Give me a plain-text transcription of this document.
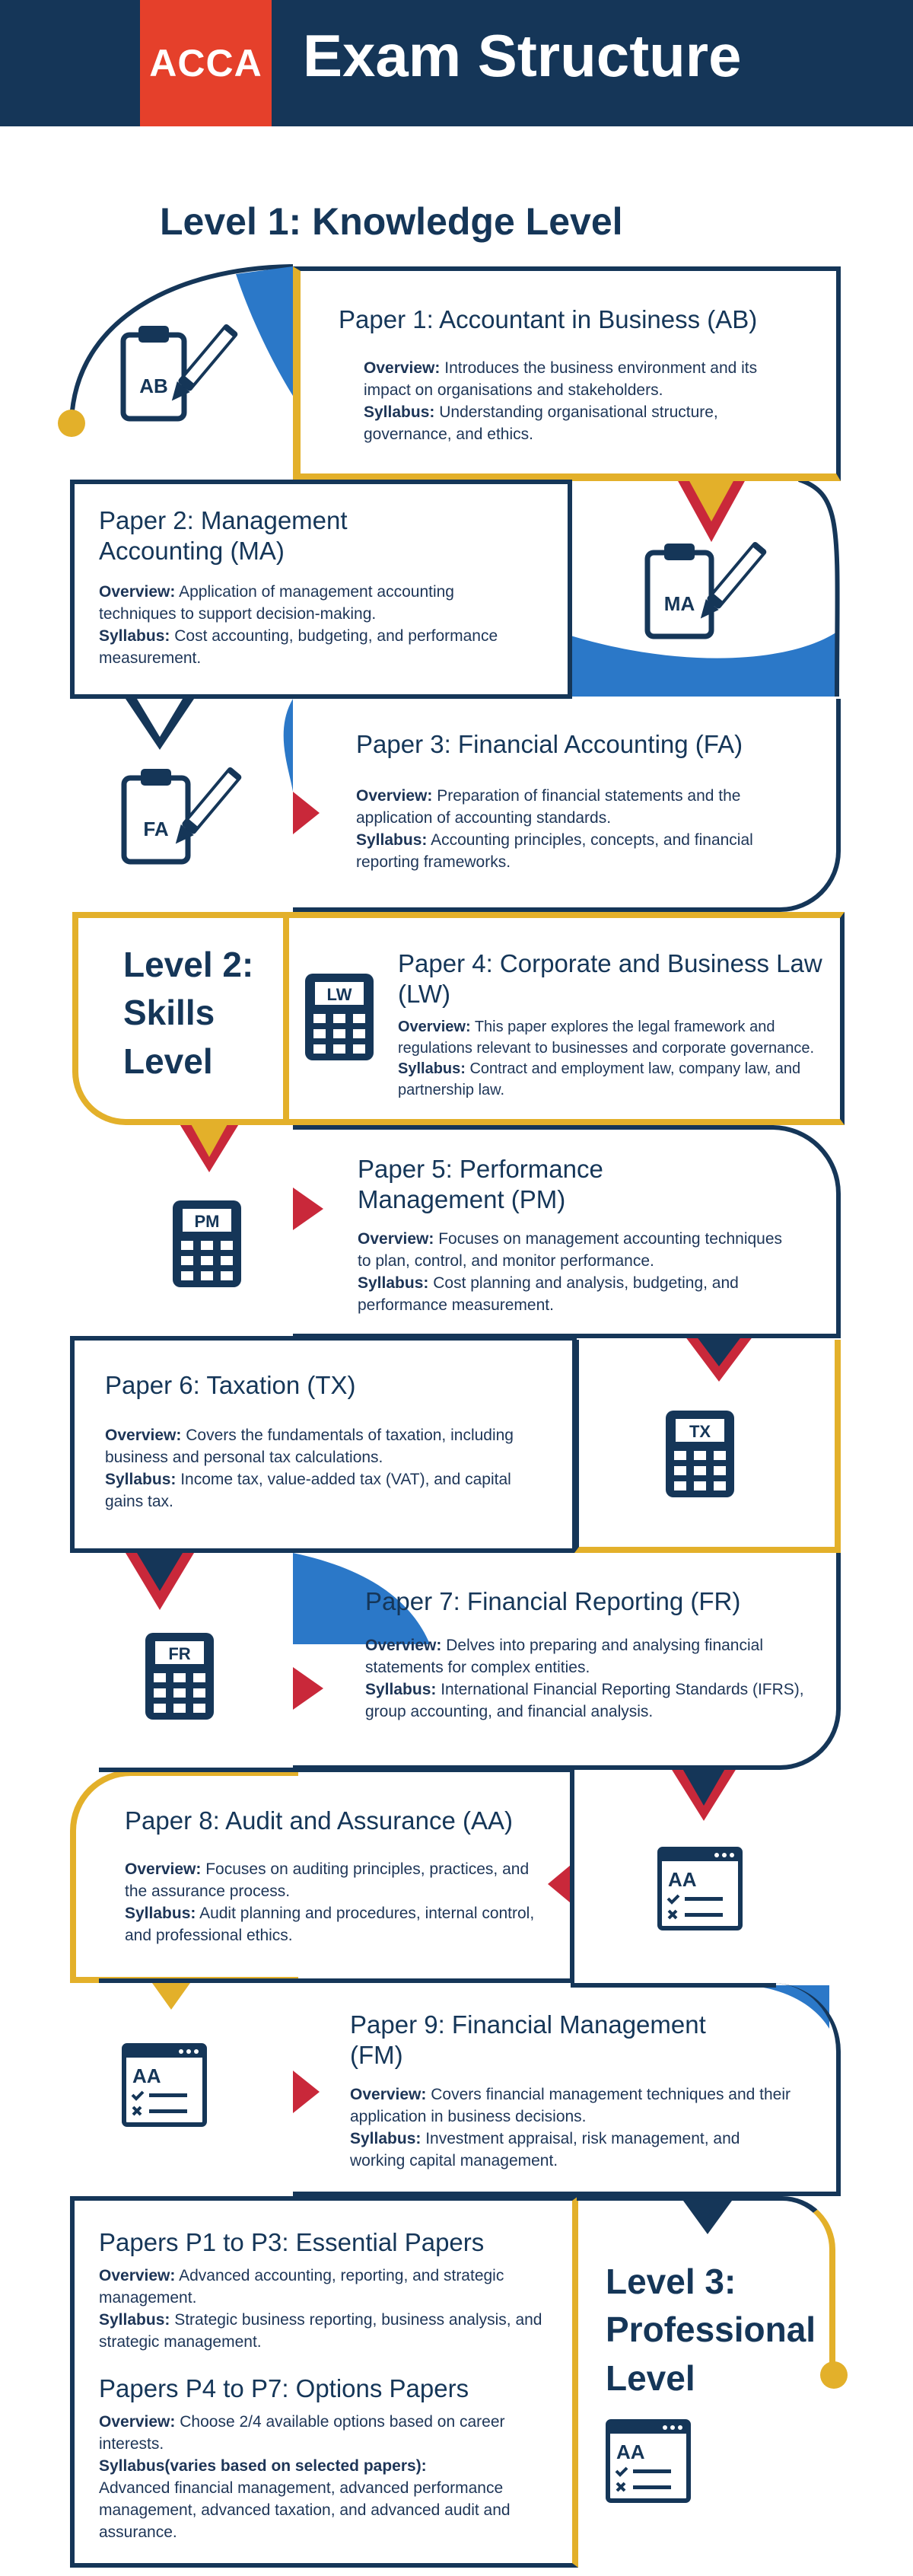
ACCA Exam Structure
Level 1: Knowledge Level
Paper 1: Accountant in Business (AB)
Overview: Introduces the business environment and its impact on organisations and stakeholders.
Syllabus: Understanding organisational structure, governance, and ethics.
AB
Paper 2: Management Accounting (MA)
Overview: Application of management accounting techniques to support decision-making.
Syllabus: Cost accounting, budgeting, and performance measurement.
MA
Paper 3: Financial Accounting (FA)
Overview: Preparation of financial statements and the application of accounting standards.
Syllabus: Accounting principles, concepts, and financial reporting frameworks.
FA
Level 2:
Skills
Level
Paper 4: Corporate and Business Law (LW)
Overview: This paper explores the legal framework and regulations relevant to businesses and corporate governance.
Syllabus: Contract and employment law, company law, and partnership law.
LW
Paper 5: Performance Management (PM)
Overview: Focuses on management accounting techniques to plan, control, and monitor performance.
Syllabus: Cost planning and analysis, budgeting, and performance measurement.
PM
Paper 6: Taxation (TX)
Overview: Covers the fundamentals of taxation, including business and personal tax calculations.
Syllabus: Income tax, value-added tax (VAT), and capital gains tax.
TX
Paper 7: Financial Reporting (FR)
Overview: Delves into preparing and analysing financial statements for complex entities.
Syllabus: International Financial Reporting Standards (IFRS), group accounting, and financial analysis.
FR
Paper 8: Audit and Assurance (AA)
Overview: Focuses on auditing principles, practices, and the assurance process.
Syllabus: Audit planning and procedures, internal control, and professional ethics.
AA
Paper 9: Financial Management (FM)
Overview: Covers financial management techniques and their application in business decisions.
Syllabus: Investment appraisal, risk management, and working capital management.
AA
Papers P1 to P3: Essential Papers
Overview: Advanced accounting, reporting, and strategic management.
Syllabus: Strategic business reporting, business analysis, and strategic management.
Papers P4 to P7: Options Papers
Overview: Choose 2/4 available options based on career interests.
Syllabus(varies based on selected papers):
Advanced financial management, advanced performance management, advanced taxation, and advanced audit and assurance.
Level 3:
Professional
Level
AA
